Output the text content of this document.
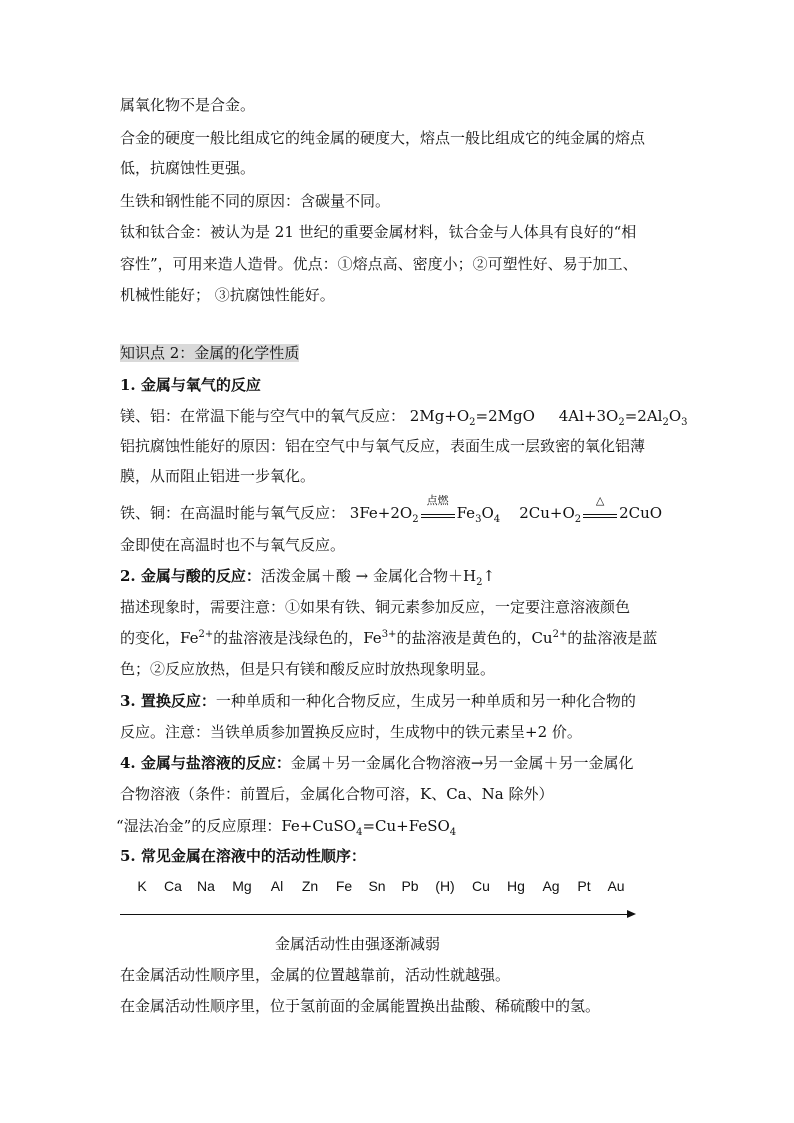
属氧化物不是合金。
合金的硬度一般比组成它的纯金属的硬度大，熔点一般比组成它的纯金属的熔点
低，抗腐蚀性更强。
生铁和钢性能不同的原因：含碳量不同。
钛和钛合金：被认为是 21 世纪的重要金属材料，钛合金与人体具有良好的“相
容性”，可用来造人造骨。优点：①熔点高、密度小；②可塑性好、易于加工、
机械性能好； ③抗腐蚀性能好。
知识点 2：金属的化学性质
1. 金属与氧气的反应
镁、铝：在常温下能与空气中的氧气反应： $2Mg+O_2=2MgO$ $4Al+3O_2=2Al_2O_3$
铝抗腐蚀性能好的原因：铝在空气中与氧气反应，表面生成一层致密的氧化铝薄
膜，从而阻止铝进一步氧化。
铁、铜：在高温时能与氧气反应： $3Fe+2O_2$
点燃
$Fe_3O_4$ $2Cu+O_2$
△
2CuO
金即使在高温时也不与氧气反应。
2. 金属与酸的反应：活泼金属＋酸 → 金属化合物$+H_2↑$
描述现象时，需要注意：①如果有铁、铜元素参加反应，一定要注意溶液颜色
的变化，$Fe^{2+}$的盐溶液是浅绿色的，$Fe^{3+}$的盐溶液是黄色的，$Cu^{2+}$的盐溶液是蓝
色；②反应放热，但是只有镁和酸反应时放热现象明显。
3. 置换反应：一种单质和一种化合物反应，生成另一种单质和另一种化合物的
反应。注意：当铁单质参加置换反应时，生成物中的铁元素呈+2 价。
4. 金属与盐溶液的反应：金属＋另一金属化合物溶液→另一金属＋另一金属化
合物溶液（条件：前置后，金属化合物可溶，K、Ca、Na 除外）
“湿法冶金”的反应原理：Fe+CuSO$_4$=Cu+FeSO$_4$
5. 常见金属在溶液中的活动性顺序：
K Ca Na Mg Al Zn Fe Sn Pb (H) Cu Hg Ag Pt Au
金属活动性由强逐渐减弱
在金属活动性顺序里，金属的位置越靠前，活动性就越强。
在金属活动性顺序里，位于氢前面的金属能置换出盐酸、稀硫酸中的氢。
